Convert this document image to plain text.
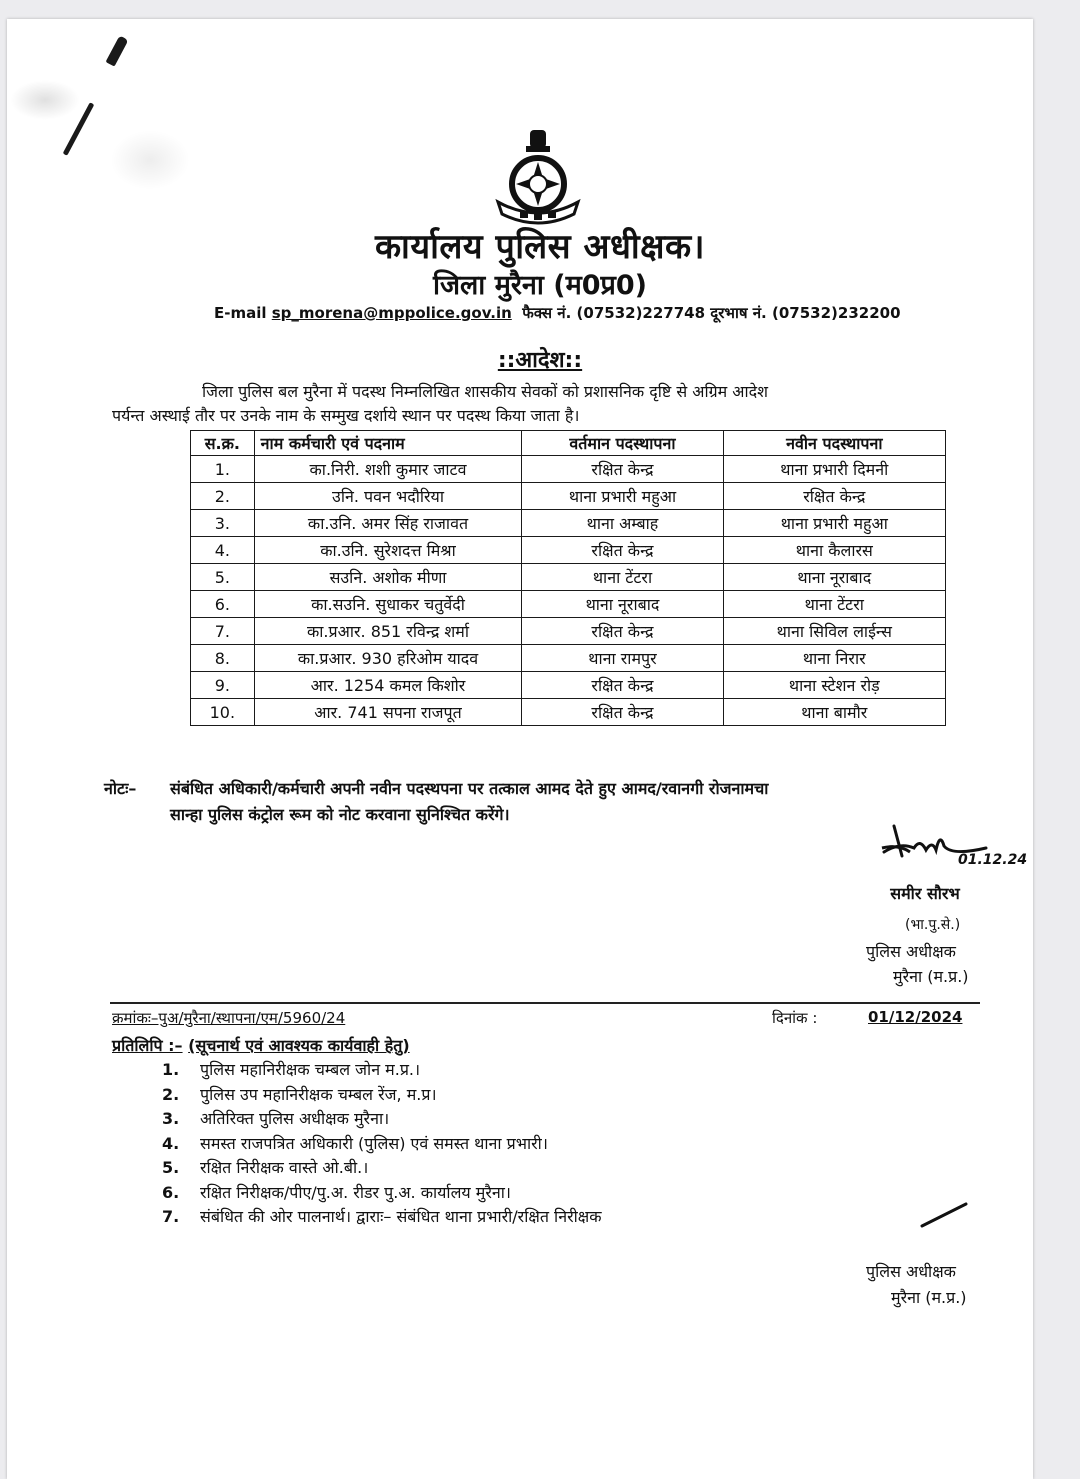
कार्यालय पुलिस अधीक्षक।
जिला मुरैना (म0प्र0)
E-mail sp_morena@mppolice.gov.in फैक्स नं. (07532)227748 दूरभाष नं. (07532)232200
::आदेश::
जिला पुलिस बल मुरैना में पदस्थ निम्नलिखित शासकीय सेवकों को प्रशासनिक दृष्टि से अग्रिम आदेश
पर्यन्त अस्थाई तौर पर उनके नाम के सम्मुख दर्शाये स्थान पर पदस्थ किया जाता है।
स.क्र.	नाम कर्मचारी एवं पदनाम	वर्तमान पदस्थापना	नवीन पदस्थापना
1.	का.निरी. शशी कुमार जाटव	रक्षित केन्द्र	थाना प्रभारी दिमनी
2.	उनि. पवन भदौरिया	थाना प्रभारी महुआ	रक्षित केन्द्र
3.	का.उनि. अमर सिंह राजावत	थाना अम्बाह	थाना प्रभारी महुआ
4.	का.उनि. सुरेशदत्त मिश्रा	रक्षित केन्द्र	थाना कैलारस
5.	सउनि. अशोक मीणा	थाना टेंटरा	थाना नूराबाद
6.	का.सउनि. सुधाकर चतुर्वेदी	थाना नूराबाद	थाना टेंटरा
7.	का.प्रआर. 851 रविन्द्र शर्मा	रक्षित केन्द्र	थाना सिविल लाईन्स
8.	का.प्रआर. 930 हरिओम यादव	थाना रामपुर	थाना निरार
9.	आर. 1254 कमल किशोर	रक्षित केन्द्र	थाना स्टेशन रोड़
10.	आर. 741 सपना राजपूत	रक्षित केन्द्र	थाना बामौर
नोटः– संबंधित अधिकारी/कर्मचारी अपनी नवीन पदस्थपना पर तत्काल आमद देते हुए आमद/रवानगी रोजनामचा
सान्हा पुलिस कंट्रोल रूम को नोट करवाना सुनिश्चित करेंगे।
01.12.24
समीर सौरभ
(भा.पु.से.)
पुलिस अधीक्षक
मुरैना (म.प्र.)
क्रमांकः–पुअ/मुरैना/स्थापना/एम/5960/24	दिनांक :	01/12/2024
प्रतिलिपि :– (सूचनार्थ एवं आवश्यक कार्यवाही हेतु)
1. पुलिस महानिरीक्षक चम्बल जोन म.प्र.।
2. पुलिस उप महानिरीक्षक चम्बल रेंज, म.प्र।
3. अतिरिक्त पुलिस अधीक्षक मुरैना।
4. समस्त राजपत्रित अधिकारी (पुलिस) एवं समस्त थाना प्रभारी।
5. रक्षित निरीक्षक वास्ते ओ.बी.।
6. रक्षित निरीक्षक/पीए/पु.अ. रीडर पु.अ. कार्यालय मुरैना।
7. संबंधित की ओर पालनार्थ। द्वाराः– संबंधित थाना प्रभारी/रक्षित निरीक्षक
पुलिस अधीक्षक
मुरैना (म.प्र.)
